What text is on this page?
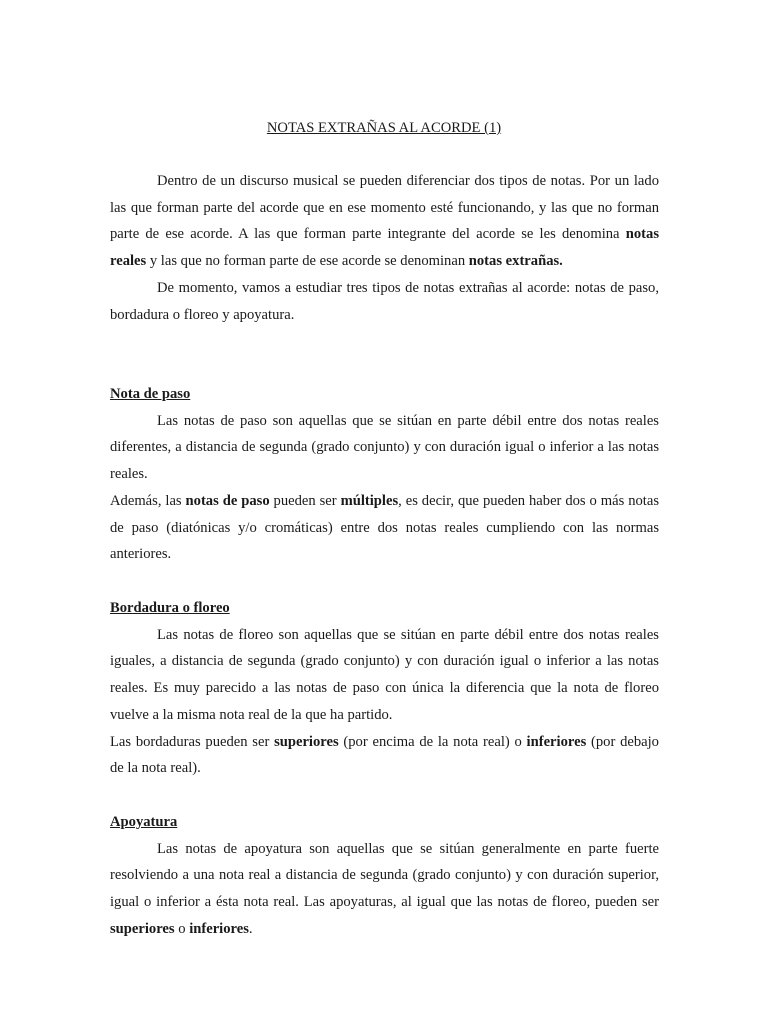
NOTAS EXTRAÑAS AL ACORDE (1)

Dentro de un discurso musical se pueden diferenciar dos tipos de notas. Por un lado las que forman parte del acorde que en ese momento esté funcionando, y las que no forman parte de ese acorde. A las que forman parte integrante del acorde se les denomina notas reales y las que no forman parte de ese acorde se denominan notas extrañas.

De momento, vamos a estudiar tres tipos de notas extrañas al acorde: notas de paso, bordadura o floreo y apoyatura.

Nota de paso

Las notas de paso son aquellas que se sitúan en parte débil entre dos notas reales diferentes, a distancia de segunda (grado conjunto) y con duración igual o inferior a las notas reales.

Además, las notas de paso pueden ser múltiples, es decir, que pueden haber dos o más notas de paso (diatónicas y/o cromáticas) entre dos notas reales cumpliendo con las normas anteriores.

Bordadura o floreo

Las notas de floreo son aquellas que se sitúan en parte débil entre dos notas reales iguales, a distancia de segunda (grado conjunto) y con duración igual o inferior a las notas reales. Es muy parecido a las notas de paso con única la diferencia que la nota de floreo vuelve a la misma nota real de la que ha partido.

Las bordaduras pueden ser superiores (por encima de la nota real) o inferiores (por debajo de la nota real).

Apoyatura

Las notas de apoyatura son aquellas que se sitúan generalmente en parte fuerte resolviendo a una nota real a distancia de segunda (grado conjunto) y con duración superior, igual o inferior a ésta nota real. Las apoyaturas, al igual que las notas de floreo, pueden ser superiores o inferiores.
